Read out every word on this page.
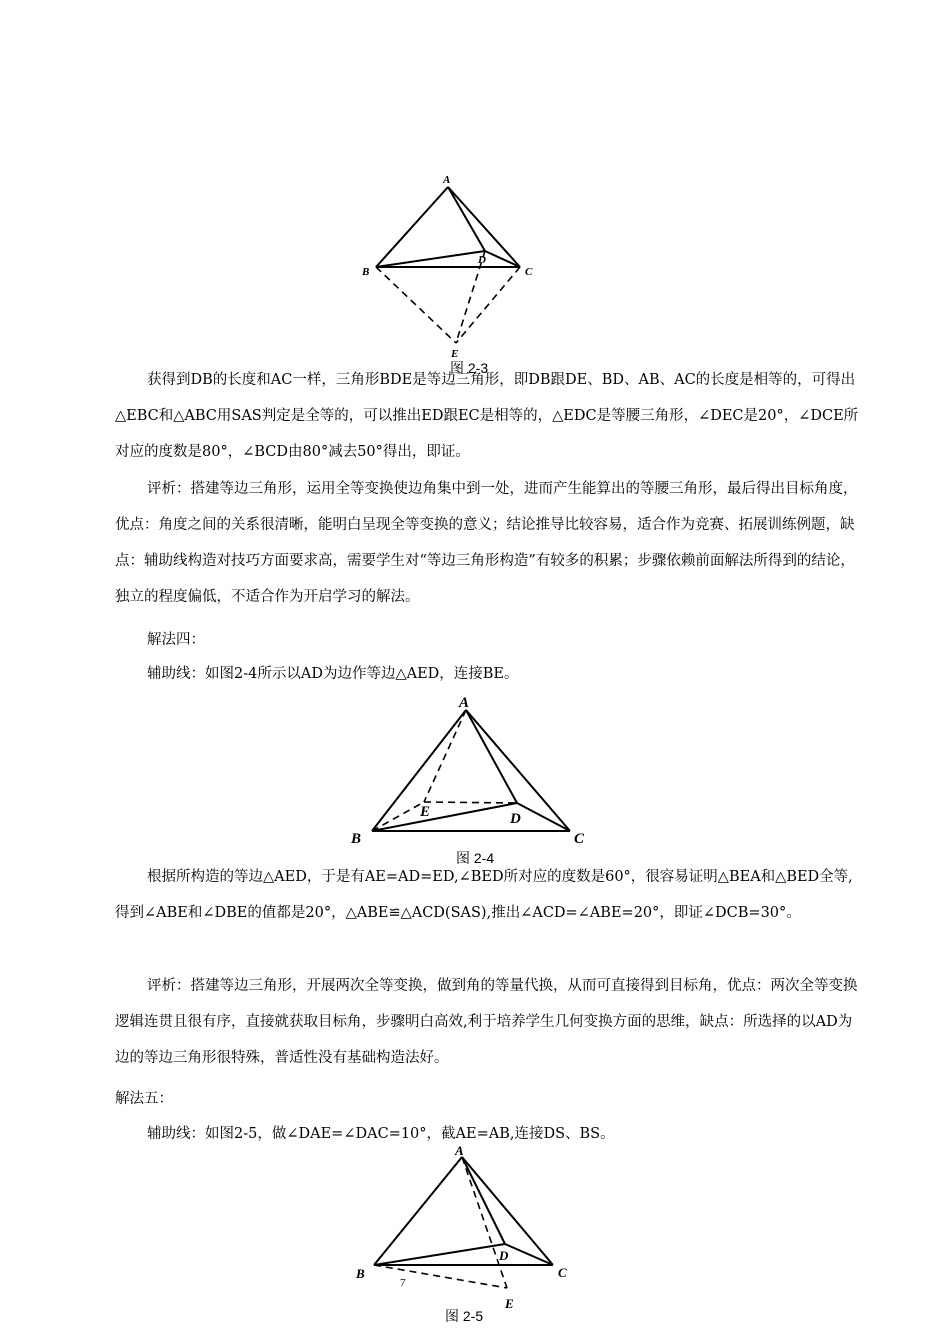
A
B	C
D
E
图 2-3

获得到DB的长度和AC一样，三角形BDE是等边三角形，即DB跟DE、BD、AB、AC的长度是相等的，可得出△EBC和△ABC用SAS判定是全等的，可以推出ED跟EC是相等的，△EDC是等腰三角形，∠DEC是20°，∠DCE所对应的度数是80°，∠BCD由80°减去50°得出，即证。

评析：搭建等边三角形，运用全等变换使边角集中到一处，进而产生能算出的等腰三角形，最后得出目标角度，优点：角度之间的关系很清晰，能明白呈现全等变换的意义；结论推导比较容易，适合作为竞赛、拓展训练例题，缺点：辅助线构造对技巧方面要求高，需要学生对“等边三角形构造”有较多的积累；步骤依赖前面解法所得到的结论，独立的程度偏低，不适合作为开启学习的解法。

解法四：
辅助线：如图2-4所示以AD为边作等边△AED，连接BE。
A
B	C
D
E
图 2-4

根据所构造的等边△AED，于是有AE=AD=ED,∠BED所对应的度数是60°，很容易证明△BEA和△BED全等,得到∠ABE和∠DBE的值都是20°，△ABE≌△ACD(SAS),推出∠ACD=∠ABE=20°，即证∠DCB=30°。

评析：搭建等边三角形，开展两次全等变换，做到角的等量代换，从而可直接得到目标角，优点：两次全等变换逻辑连贯且很有序，直接就获取目标角，步骤明白高效,利于培养学生几何变换方面的思维，缺点：所选择的以AD为边的等边三角形很特殊，普适性没有基础构造法好。

解法五：
辅助线：如图2-5，做∠DAE=∠DAC=10°，截AE=AB,连接DS、BS。
A
B	C
D
E
7
图 2-5
